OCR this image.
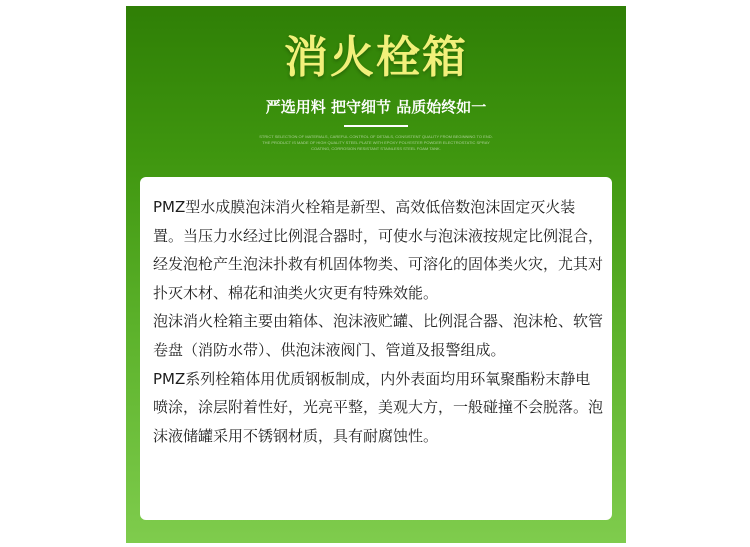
消火栓箱
严选用料 把守细节 品质始终如一
STRICT SELECTION OF MATERIALS, CAREFUL CONTROL OF DETAILS, CONSISTENT QUALITY FROM BEGINNING TO END. THE PRODUCT IS MADE OF HIGH QUALITY STEEL PLATE WITH EPOXY POLYESTER POWDER ELECTROSTATIC SPRAY COATING, CORROSION RESISTANT STAINLESS STEEL FOAM TANK.

PMZ型水成膜泡沫消火栓箱是新型、高效低倍数泡沫固定灭火装置。当压力水经过比例混合器时，可使水与泡沫液按规定比例混合，经发泡枪产生泡沫扑救有机固体物类、可溶化的固体类火灾，尤其对扑灭木材、棉花和油类火灾更有特殊效能。

泡沫消火栓箱主要由箱体、泡沫液贮罐、比例混合器、泡沫枪、软管卷盘（消防水带）、供泡沫液阀门、管道及报警组成。

PMZ系列栓箱体用优质钢板制成，内外表面均用环氧聚酯粉末静电喷涂，涂层附着性好，光亮平整，美观大方，一般碰撞不会脱落。泡沫液储罐采用不锈钢材质，具有耐腐蚀性。
